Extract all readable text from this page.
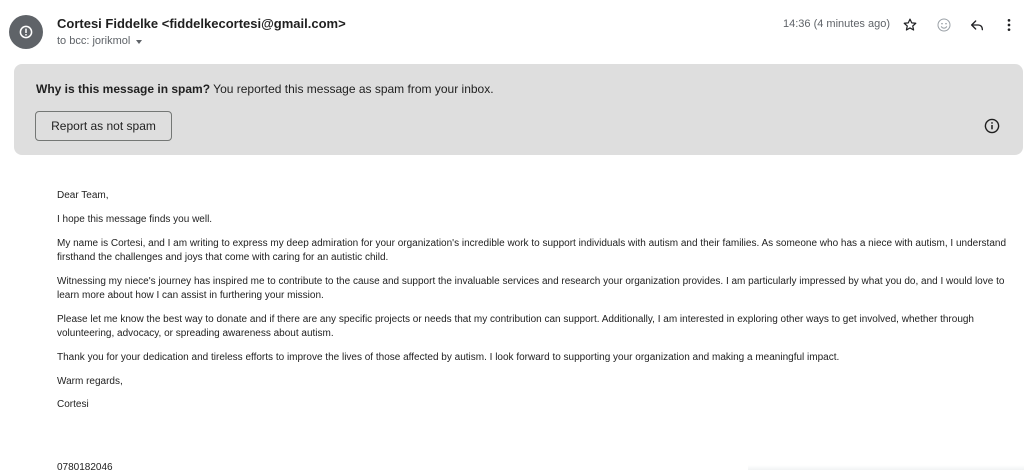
Cortesi Fiddelke <fiddelkecortesi@gmail.com>
to bcc: jorikmol
14:36 (4 minutes ago)
Why is this message in spam? You reported this message as spam from your inbox.
Report as not spam

Dear Team,

I hope this message finds you well.

My name is Cortesi, and I am writing to express my deep admiration for your organization's incredible work to support individuals with autism and their families. As someone who has a niece with autism, I understand firsthand the challenges and joys that come with caring for an autistic child.

Witnessing my niece's journey has inspired me to contribute to the cause and support the invaluable services and research your organization provides. I am particularly impressed by what you do, and I would love to learn more about how I can assist in furthering your mission.

Please let me know the best way to donate and if there are any specific projects or needs that my contribution can support. Additionally, I am interested in exploring other ways to get involved, whether through volunteering, advocacy, or spreading awareness about autism.

Thank you for your dedication and tireless efforts to improve the lives of those affected by autism. I look forward to supporting your organization and making a meaningful impact.

Warm regards,

Cortesi

0780182046
